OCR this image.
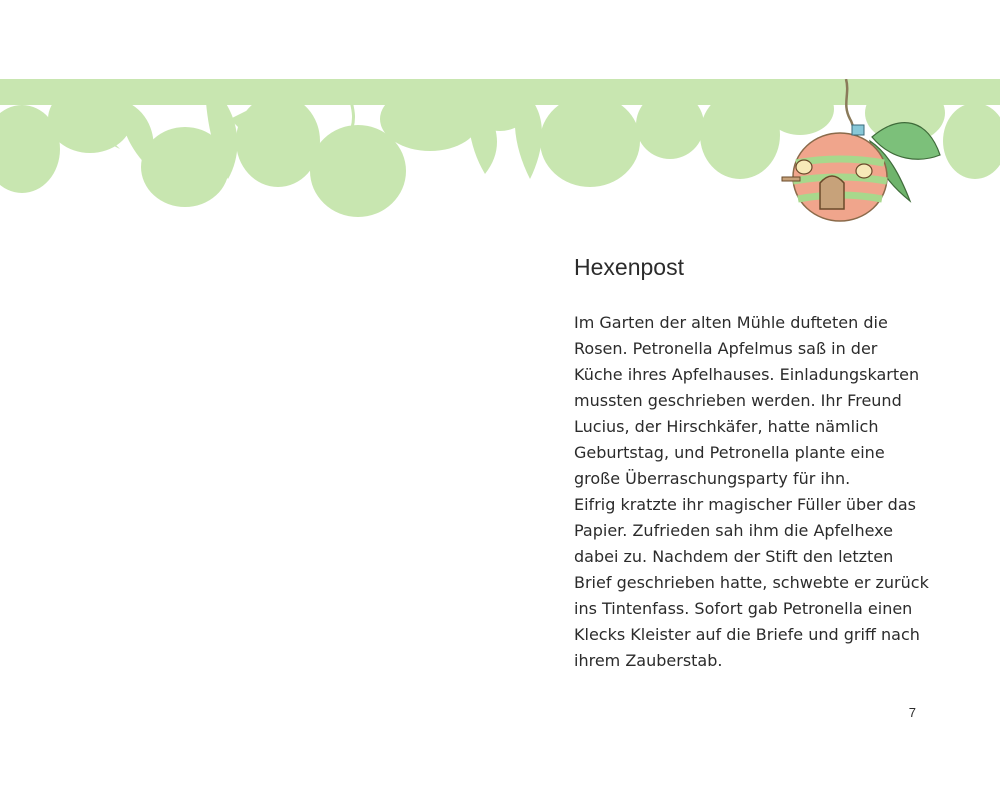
Hexenpost
Im Garten der alten Mühle dufteten die
Rosen. Petronella Apfelmus saß in der
Küche ihres Apfelhauses. Einladungskarten
mussten geschrieben werden. Ihr Freund
Lucius, der Hirschkäfer, hatte nämlich
Geburtstag, und Petronella plante eine
große Überraschungsparty für ihn.
Eifrig kratzte ihr magischer Füller über das
Papier. Zufrieden sah ihm die Apfelhexe
dabei zu. Nachdem der Stift den letzten
Brief geschrieben hatte, schwebte er zurück
ins Tintenfass. Sofort gab Petronella einen
Klecks Kleister auf die Briefe und griff nach
ihrem Zauberstab.
7
